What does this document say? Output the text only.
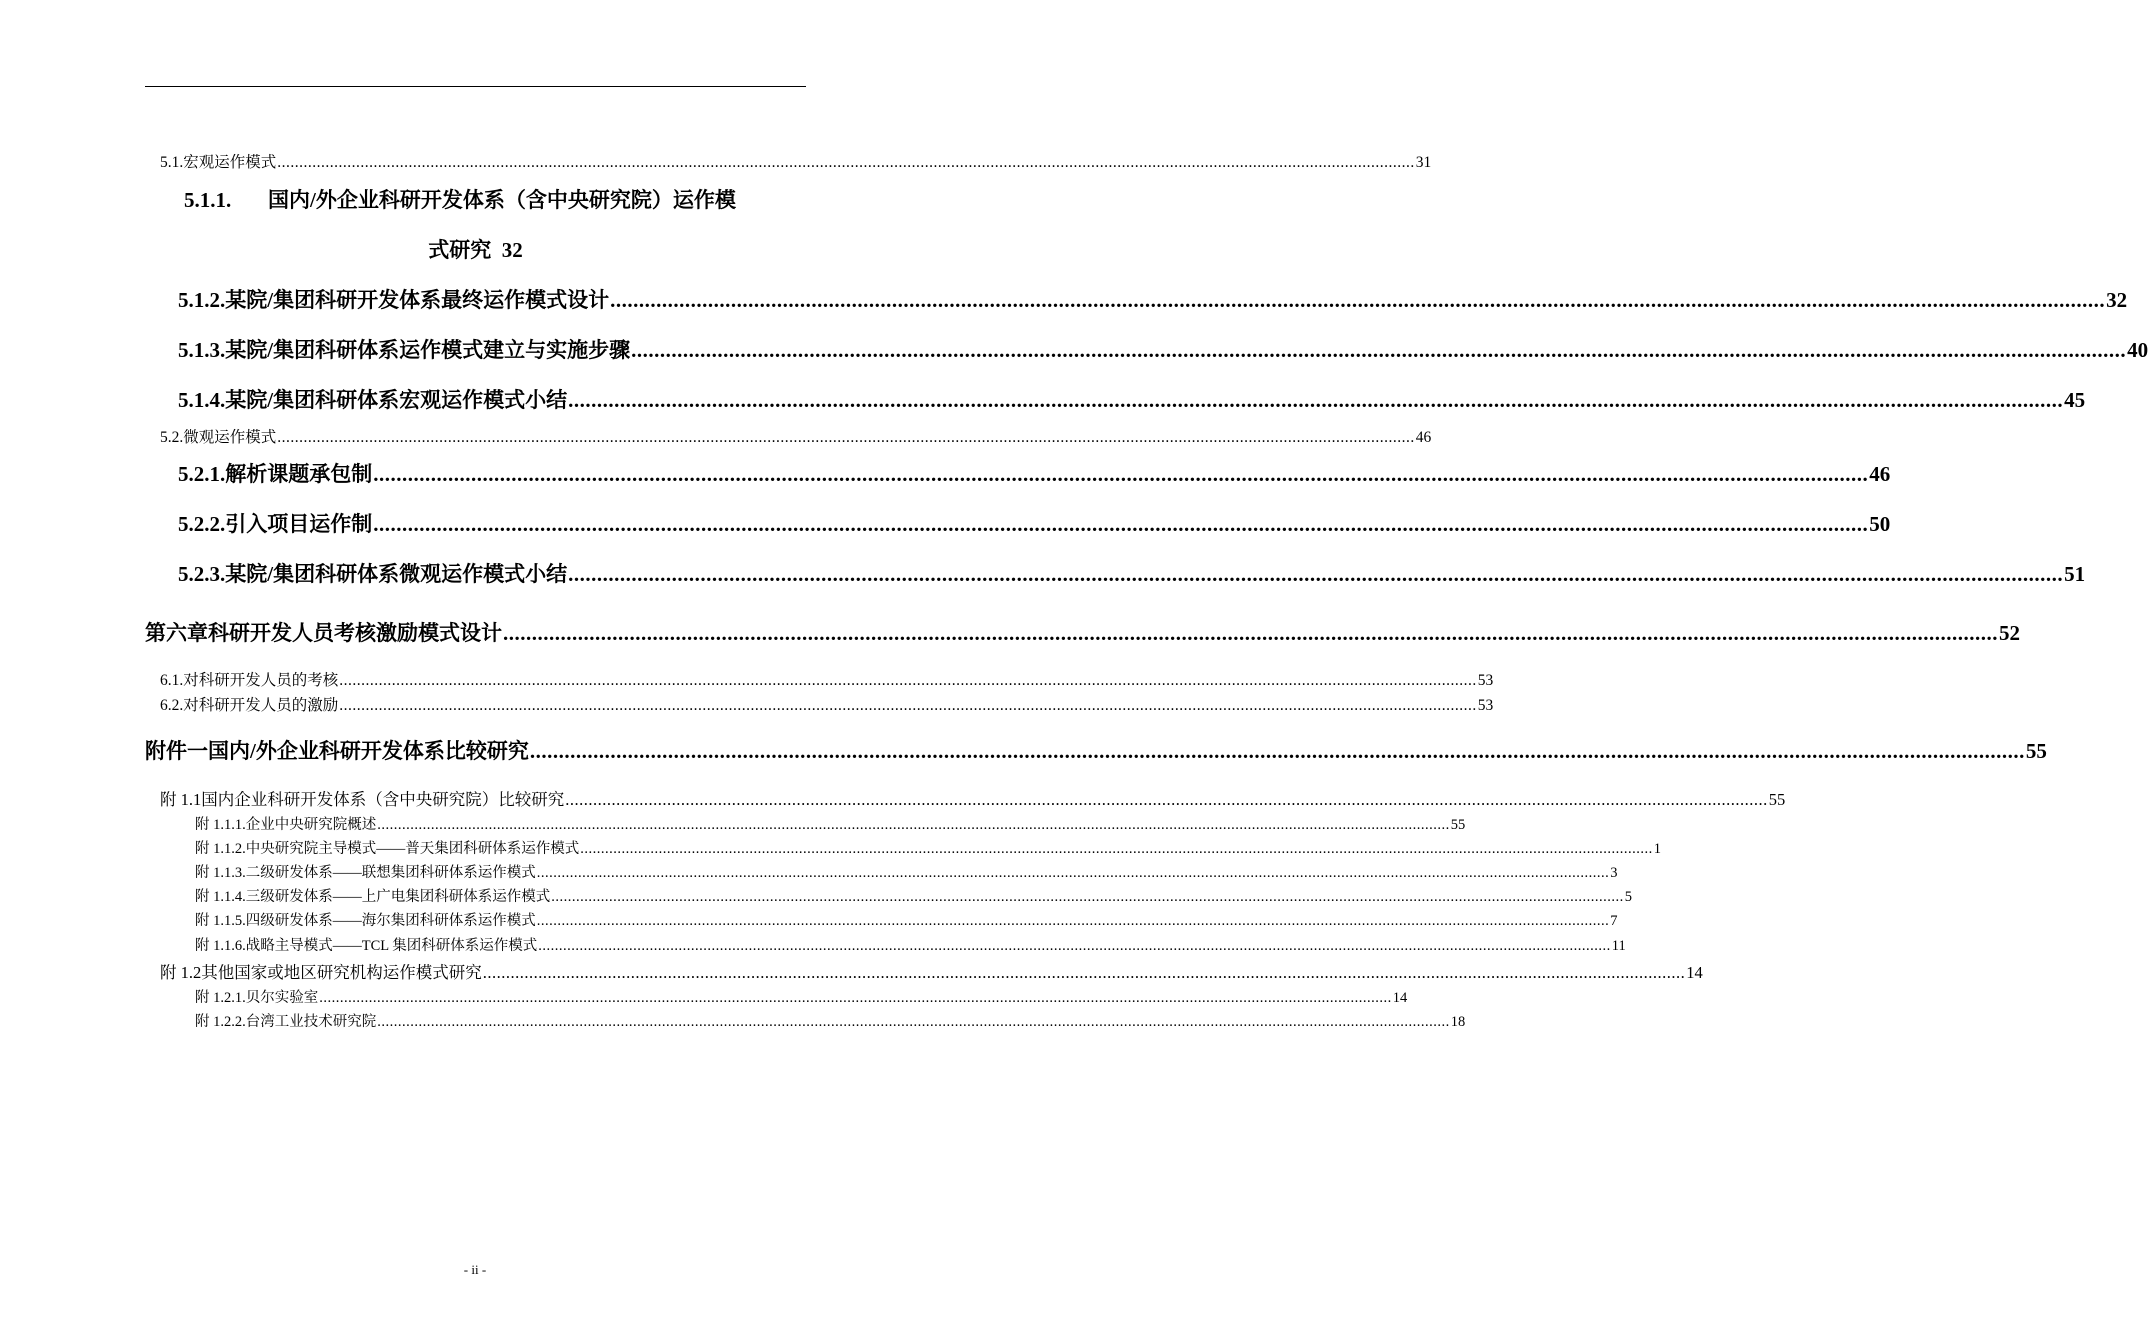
5.1. 宏观运作模式 .................................................................................................................................................................................................................................................................... 31
5.1.1. 国内/外企业科研开发体系（含中央研究院）运作模
式研究 32
5.1.2. 某院/集团科研开发体系最终运作模式设计 .................................................................................................................................................................................................................................................................... 32
5.1.3. 某院/集团科研体系运作模式建立与实施步骤 .................................................................................................................................................................................................................................................................... 40
5.1.4. 某院/集团科研体系宏观运作模式小结 .................................................................................................................................................................................................................................................................... 45
5.2. 微观运作模式 .................................................................................................................................................................................................................................................................... 46
5.2.1. 解析课题承包制 .................................................................................................................................................................................................................................................................... 46
5.2.2. 引入项目运作制 .................................................................................................................................................................................................................................................................... 50
5.2.3. 某院/集团科研体系微观运作模式小结 .................................................................................................................................................................................................................................................................... 51
第六章 科研开发人员考核激励模式设计 .................................................................................................................................................................................................................................................................... 52
6.1. 对科研开发人员的考核 .................................................................................................................................................................................................................................................................... 53
6.2. 对科研开发人员的激励 .................................................................................................................................................................................................................................................................... 53
附件一 国内/外企业科研开发体系比较研究 .................................................................................................................................................................................................................................................................... 55
附 1.1 国内企业科研开发体系（含中央研究院）比较研究 .................................................................................................................................................................................................................................................................... 55
附 1.1.1. 企业中央研究院概述 .................................................................................................................................................................................................................................................................... 55
附 1.1.2. 中央研究院主导模式——普天集团科研体系运作模式 .................................................................................................................................................................................................................................................................... 1
附 1.1.3. 二级研发体系——联想集团科研体系运作模式 .................................................................................................................................................................................................................................................................... 3
附 1.1.4. 三级研发体系——上广电集团科研体系运作模式 .................................................................................................................................................................................................................................................................... 5
附 1.1.5. 四级研发体系——海尔集团科研体系运作模式 .................................................................................................................................................................................................................................................................... 7
附 1.1.6. 战略主导模式——TCL 集团科研体系运作模式 .................................................................................................................................................................................................................................................................... 11
附 1.2 其他国家或地区研究机构运作模式研究 .................................................................................................................................................................................................................................................................... 14
附 1.2.1. 贝尔实验室 .................................................................................................................................................................................................................................................................... 14
附 1.2.2. 台湾工业技术研究院 .................................................................................................................................................................................................................................................................... 18
- ii -
